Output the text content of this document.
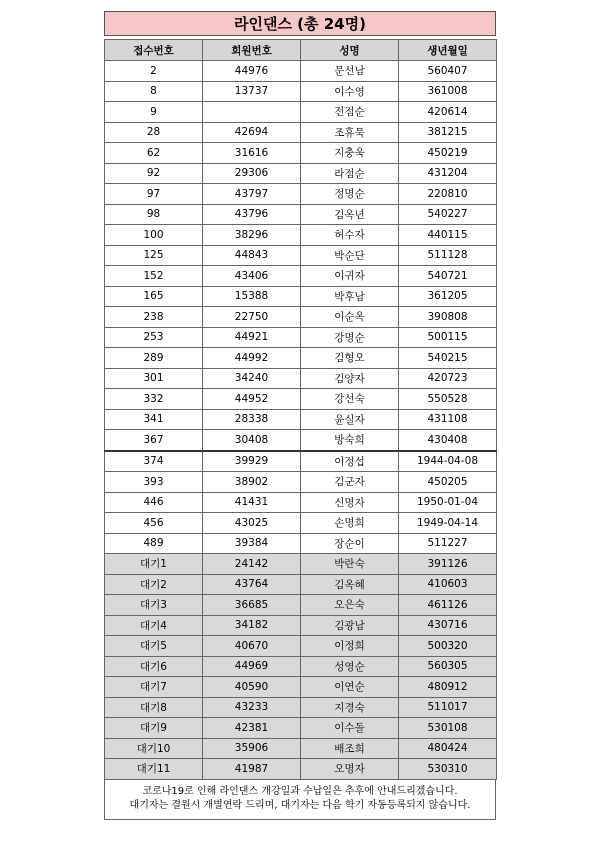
라인댄스 (총 24명)
접수번호	회원번호	성명	생년월일
2	44976	문선남	560407
8	13737	이수영	361008
9		전점순	420614
28	42694	조휴묵	381215
62	31616	지충욱	450219
92	29306	라점순	431204
97	43797	정명순	220810
98	43796	김옥년	540227
100	38296	허수자	440115
125	44843	박순단	511128
152	43406	이귀자	540721
165	15388	박후남	361205
238	22750	이순옥	390808
253	44921	강명순	500115
289	44992	김형오	540215
301	34240	김양자	420723
332	44952	강선숙	550528
341	28338	윤실자	431108
367	30408	방숙희	430408
374	39929	이정섭	1944-04-08
393	38902	김군자	450205
446	41431	신명자	1950-01-04
456	43025	손명희	1949-04-14
489	39384	장순이	511227
대기1	24142	박란숙	391126
대기2	43764	김옥혜	410603
대기3	36685	오은숙	461126
대기4	34182	김광남	430716
대기5	40670	이정희	500320
대기6	44969	성영순	560305
대기7	40590	이연순	480912
대기8	43233	지경숙	511017
대기9	42381	이수돌	530108
대기10	35906	배조희	480424
대기11	41987	오명자	530310
코로나19로 인해 라인댄스 개강일과 수납일은 추후에 안내드리겠습니다.
대기자는 결원시 개별연락 드리며, 대기자는 다음 학기 자동등록되지 않습니다.
